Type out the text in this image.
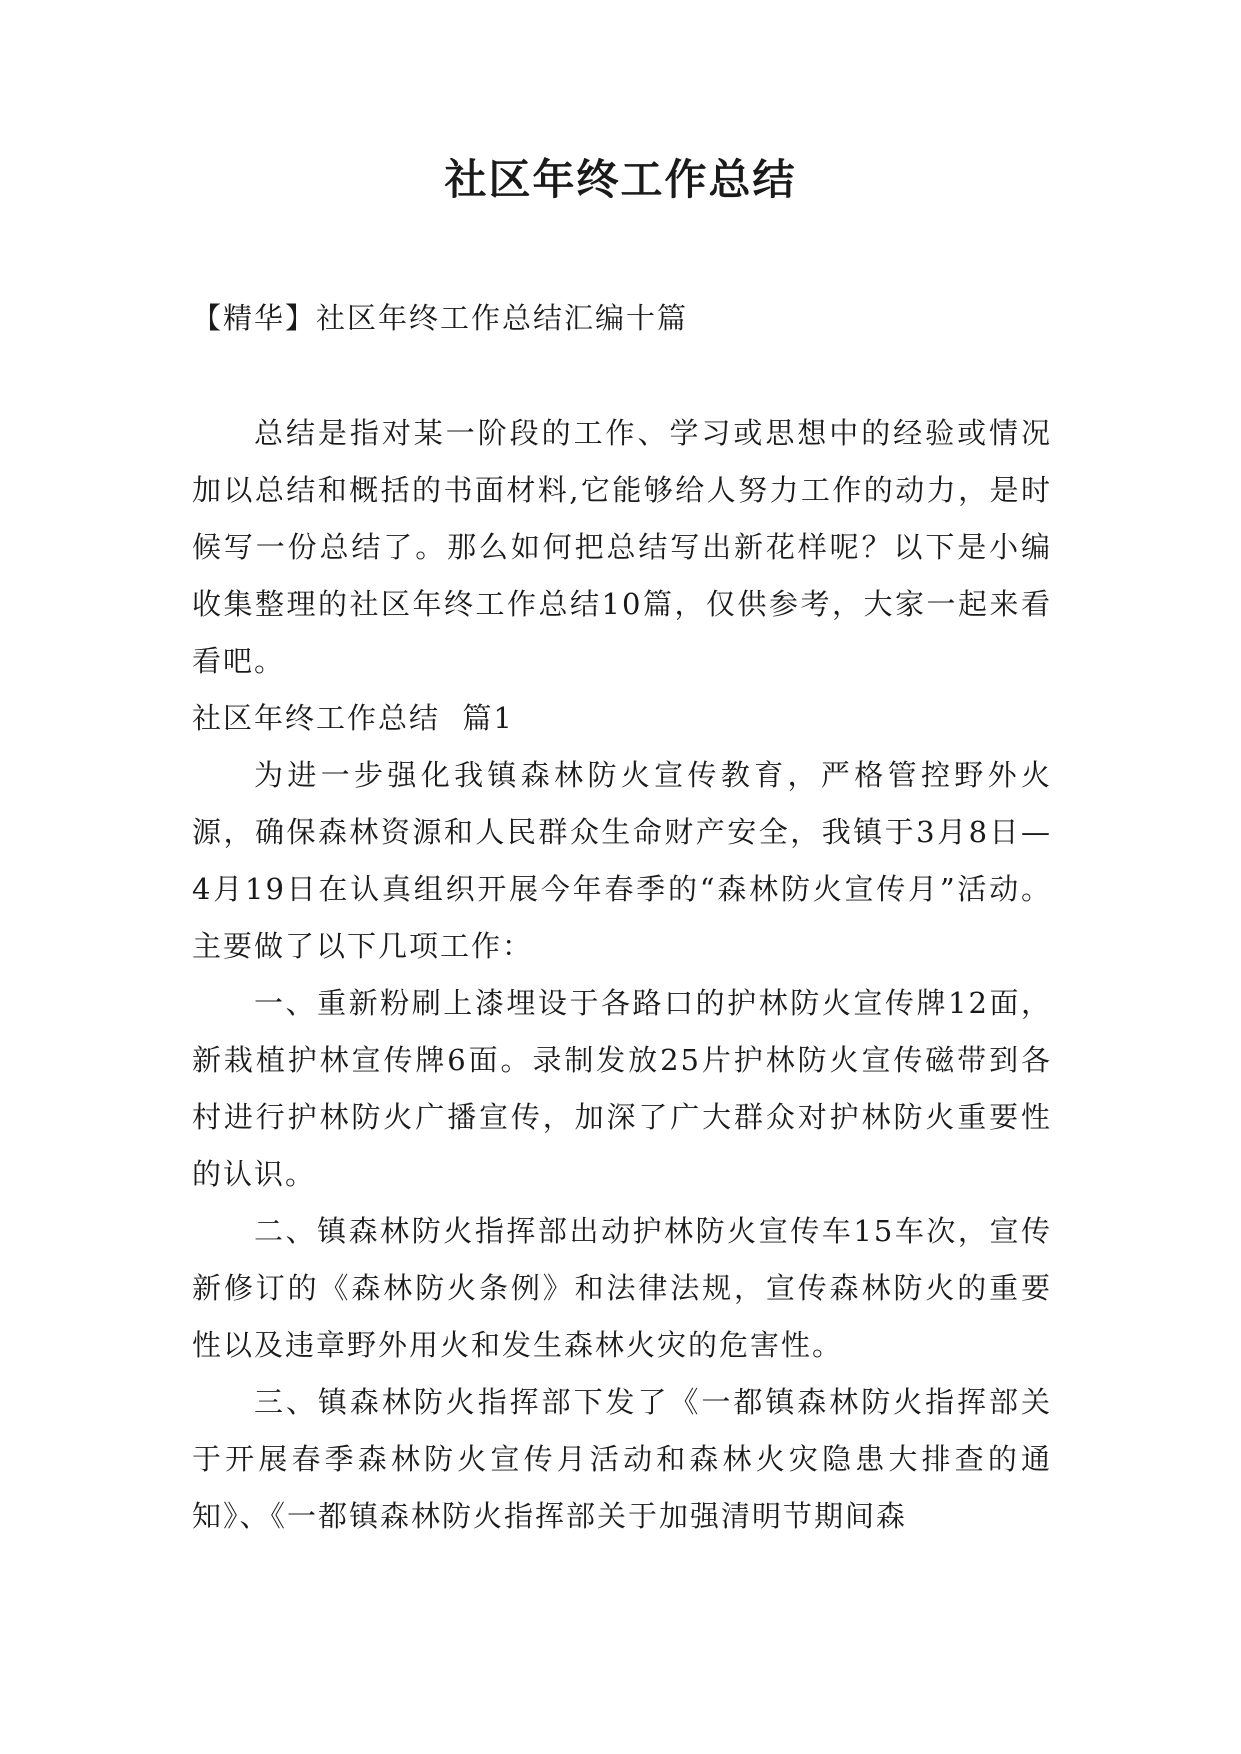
社区年终工作总结
【精华】社区年终工作总结汇编十篇

总结是指对某一阶段的工作、学习或思想中的经验或情况加以总结和概括的书面材料,它能够给人努力工作的动力，是时候写一份总结了。那么如何把总结写出新花样呢？以下是小编收集整理的社区年终工作总结10篇，仅供参考，大家一起来看看吧。

社区年终工作总结  篇1

为进一步强化我镇森林防火宣传教育，严格管控野外火源，确保森林资源和人民群众生命财产安全，我镇于3月8日—4月19日在认真组织开展今年春季的“森林防火宣传月”活动。主要做了以下几项工作：

一、重新粉刷上漆埋设于各路口的护林防火宣传牌12面，新栽植护林宣传牌6面。录制发放25片护林防火宣传磁带到各村进行护林防火广播宣传，加深了广大群众对护林防火重要性的认识。

二、镇森林防火指挥部出动护林防火宣传车15车次，宣传新修订的《森林防火条例》和法律法规，宣传森林防火的重要性以及违章野外用火和发生森林火灾的危害性。

三、镇森林防火指挥部下发了《一都镇森林防火指挥部关于开展春季森林防火宣传月活动和森林火灾隐患大排查的通知》、《一都镇森林防火指挥部关于加强清明节期间森
